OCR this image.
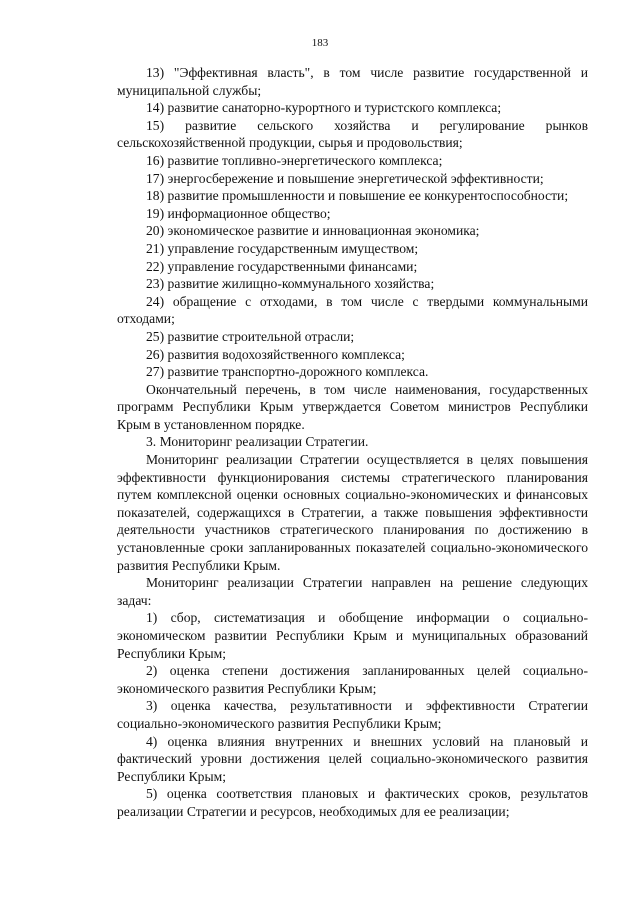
183

13) "Эффективная власть", в том числе развитие государственной и муниципальной службы;

14) развитие санаторно-курортного и туристского комплекса;

15) развитие сельского хозяйства и регулирование рынков сельскохозяйственной продукции, сырья и продовольствия;

16) развитие топливно-энергетического комплекса;

17) энергосбережение и повышение энергетической эффективности;

18) развитие промышленности и повышение ее конкурентоспособности;

19) информационное общество;

20) экономическое развитие и инновационная экономика;

21) управление государственным имуществом;

22) управление государственными финансами;

23) развитие жилищно-коммунального хозяйства;

24) обращение с отходами, в том числе с твердыми коммунальными отходами;

25) развитие строительной отрасли;

26) развития водохозяйственного комплекса;

27) развитие транспортно-дорожного комплекса.

Окончательный перечень, в том числе наименования, государственных программ Республики Крым утверждается Советом министров Республики Крым в установленном порядке.

3. Мониторинг реализации Стратегии.

Мониторинг реализации Стратегии осуществляется в целях повышения эффективности функционирования системы стратегического планирования путем комплексной оценки основных социально-экономических и финансовых показателей, содержащихся в Стратегии, а также повышения эффективности деятельности участников стратегического планирования по достижению в установленные сроки запланированных показателей социально-экономического развития Республики Крым.

Мониторинг реализации Стратегии направлен на решение следующих задач:

1) сбор, систематизация и обобщение информации о социально-экономическом развитии Республики Крым и муниципальных образований Республики Крым;

2) оценка степени достижения запланированных целей социально-экономического развития Республики Крым;

3) оценка качества, результативности и эффективности Стратегии социально-экономического развития Республики Крым;

4) оценка влияния внутренних и внешних условий на плановый и фактический уровни достижения целей социально-экономического развития Республики Крым;

5) оценка соответствия плановых и фактических сроков, результатов реализации Стратегии и ресурсов, необходимых для ее реализации;
